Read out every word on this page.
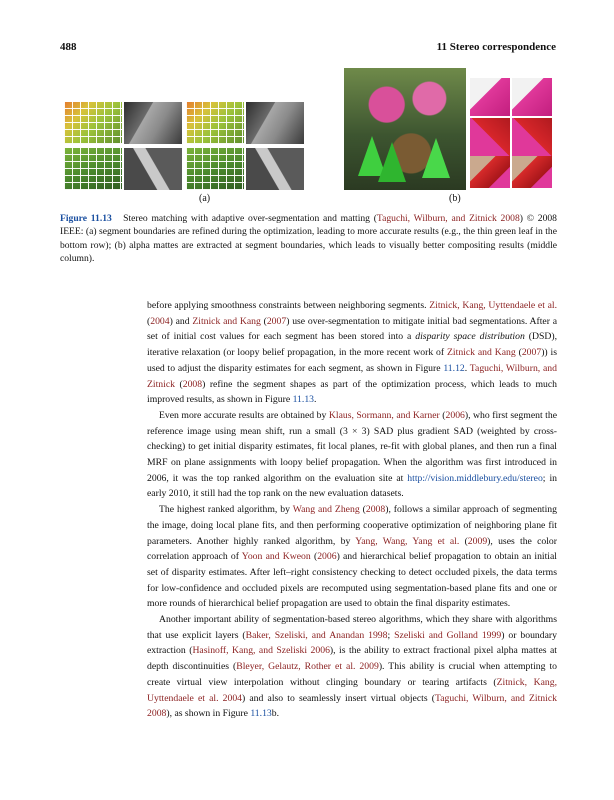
488	11 Stereo correspondence
(a)	(b)
Figure 11.13 Stereo matching with adaptive over-segmentation and matting (Taguchi, Wilburn, and Zitnick 2008) © 2008 IEEE: (a) segment boundaries are refined during the optimization, leading to more accurate results (e.g., the thin green leaf in the bottom row); (b) alpha mattes are extracted at segment boundaries, which leads to visually better compositing results (middle column).

before applying smoothness constraints between neighboring segments. Zitnick, Kang, Uyttendaele et al. (2004) and Zitnick and Kang (2007) use over-segmentation to mitigate initial bad segmentations. After a set of initial cost values for each segment has been stored into a disparity space distribution (DSD), iterative relaxation (or loopy belief propagation, in the more recent work of Zitnick and Kang (2007)) is used to adjust the disparity estimates for each segment, as shown in Figure 11.12. Taguchi, Wilburn, and Zitnick (2008) refine the segment shapes as part of the optimization process, which leads to much improved results, as shown in Figure 11.13.

Even more accurate results are obtained by Klaus, Sormann, and Karner (2006), who first segment the reference image using mean shift, run a small (3 × 3) SAD plus gradient SAD (weighted by cross-checking) to get initial disparity estimates, fit local planes, re-fit with global planes, and then run a final MRF on plane assignments with loopy belief propagation. When the algorithm was first introduced in 2006, it was the top ranked algorithm on the evaluation site at http://vision.middlebury.edu/stereo; in early 2010, it still had the top rank on the new evaluation datasets.

The highest ranked algorithm, by Wang and Zheng (2008), follows a similar approach of segmenting the image, doing local plane fits, and then performing cooperative optimization of neighboring plane fit parameters. Another highly ranked algorithm, by Yang, Wang, Yang et al. (2009), uses the color correlation approach of Yoon and Kweon (2006) and hierarchical belief propagation to obtain an initial set of disparity estimates. After left–right consistency checking to detect occluded pixels, the data terms for low-confidence and occluded pixels are recomputed using segmentation-based plane fits and one or more rounds of hierarchical belief propagation are used to obtain the final disparity estimates.

Another important ability of segmentation-based stereo algorithms, which they share with algorithms that use explicit layers (Baker, Szeliski, and Anandan 1998; Szeliski and Golland 1999) or boundary extraction (Hasinoff, Kang, and Szeliski 2006), is the ability to extract fractional pixel alpha mattes at depth discontinuities (Bleyer, Gelautz, Rother et al. 2009). This ability is crucial when attempting to create virtual view interpolation without clinging boundary or tearing artifacts (Zitnick, Kang, Uyttendaele et al. 2004) and also to seamlessly insert virtual objects (Taguchi, Wilburn, and Zitnick 2008), as shown in Figure 11.13b.
